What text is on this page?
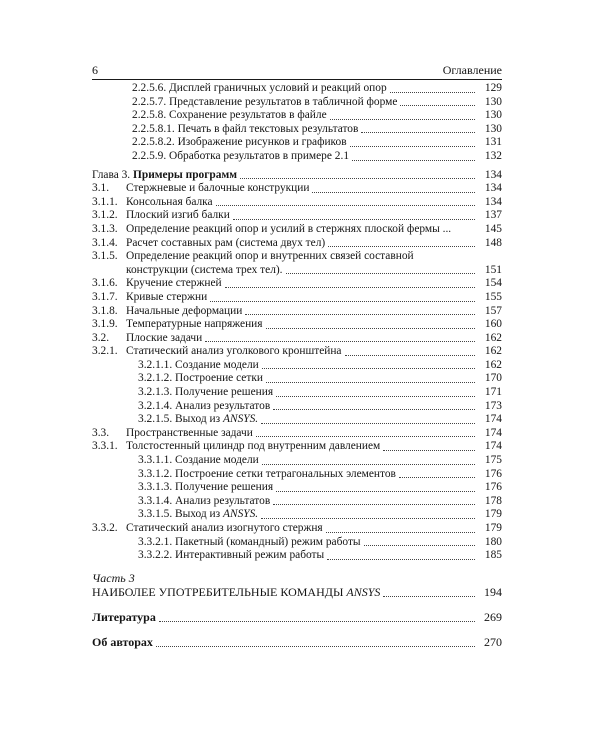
6	Оглавление
2.2.5.6. Дисплей граничных условий и реакций опор	129
2.2.5.7. Представление результатов в табличной форме	130
2.2.5.8. Сохранение результатов в файле	130
2.2.5.8.1. Печать в файл текстовых результатов	130
2.2.5.8.2. Изображение рисунков и графиков	131
2.2.5.9. Обработка результатов в примере 2.1	132
Глава 3. Примеры программ	134
3.1.	Стержневые и балочные конструкции	134
3.1.1. Консольная балка	134
3.1.2. Плоский изгиб балки	137
3.1.3. Определение реакций опор и усилий в стержнях плоской фермы ...	145
3.1.4. Расчет составных рам (система двух тел)	148
3.1.5. Определение реакций опор и внутренних связей составной
конструкции (система трех тел).	151
3.1.6. Кручение стержней	154
3.1.7. Кривые стержни	155
3.1.8. Начальные деформации	157
3.1.9. Температурные напряжения	160
3.2.	Плоские задачи	162
3.2.1. Статический анализ уголкового кронштейна	162
3.2.1.1. Создание модели	162
3.2.1.2. Построение сетки	170
3.2.1.3. Получение решения	171
3.2.1.4. Анализ результатов	173
3.2.1.5. Выход из ANSYS.	174
3.3.	Пространственные задачи	174
3.3.1. Толстостенный цилиндр под внутренним давлением	174
3.3.1.1. Создание модели	175
3.3.1.2. Построение сетки тетрагональных элементов	176
3.3.1.3. Получение решения	176
3.3.1.4. Анализ результатов	178
3.3.1.5. Выход из ANSYS.	179
3.3.2. Статический анализ изогнутого стержня	179
3.3.2.1. Пакетный (командный) режим работы	180
3.3.2.2. Интерактивный режим работы	185
Часть 3
НАИБОЛЕЕ УПОТРЕБИТЕЛЬНЫЕ КОМАНДЫ ANSYS	194
Литература	269
Об авторах	270
